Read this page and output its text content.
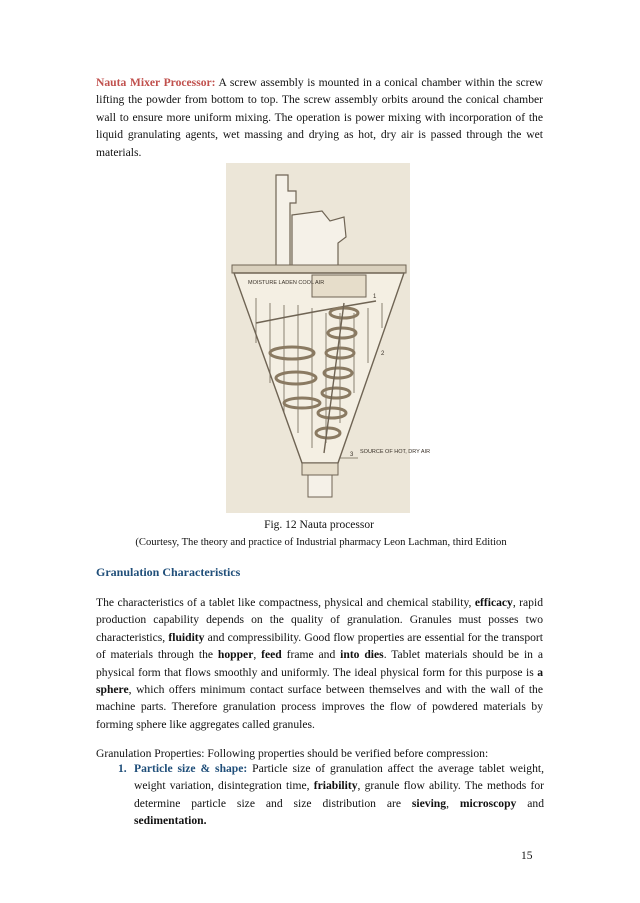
Nauta Mixer Processor: A screw assembly is mounted in a conical chamber within the screw lifting the powder from bottom to top. The screw assembly orbits around the conical chamber wall to ensure more uniform mixing. The operation is power mixing with incorporation of the liquid granulating agents, wet massing and drying as hot, dry air is passed through the wet materials.
MOISTURE LADEN COOL AIR
1
2
3 SOURCE OF HOT, DRY AIR
Fig. 12 Nauta processor
(Courtesy, The theory and practice of Industrial pharmacy Leon Lachman, third Edition
Granulation Characteristics
The characteristics of a tablet like compactness, physical and chemical stability, efficacy, rapid production capability depends on the quality of granulation. Granules must posses two characteristics, fluidity and compressibility. Good flow properties are essential for the transport of materials through the hopper, feed frame and into dies. Tablet materials should be in a physical form that flows smoothly and uniformly. The ideal physical form for this purpose is a sphere, which offers minimum contact surface between themselves and with the wall of the machine parts. Therefore granulation process improves the flow of powdered materials by forming sphere like aggregates called granules.
Granulation Properties: Following properties should be verified before compression:
1. Particle size & shape: Particle size of granulation affect the average tablet weight, weight variation, disintegration time, friability, granule flow ability. The methods for determine particle size and size distribution are sieving, microscopy and sedimentation.
15
